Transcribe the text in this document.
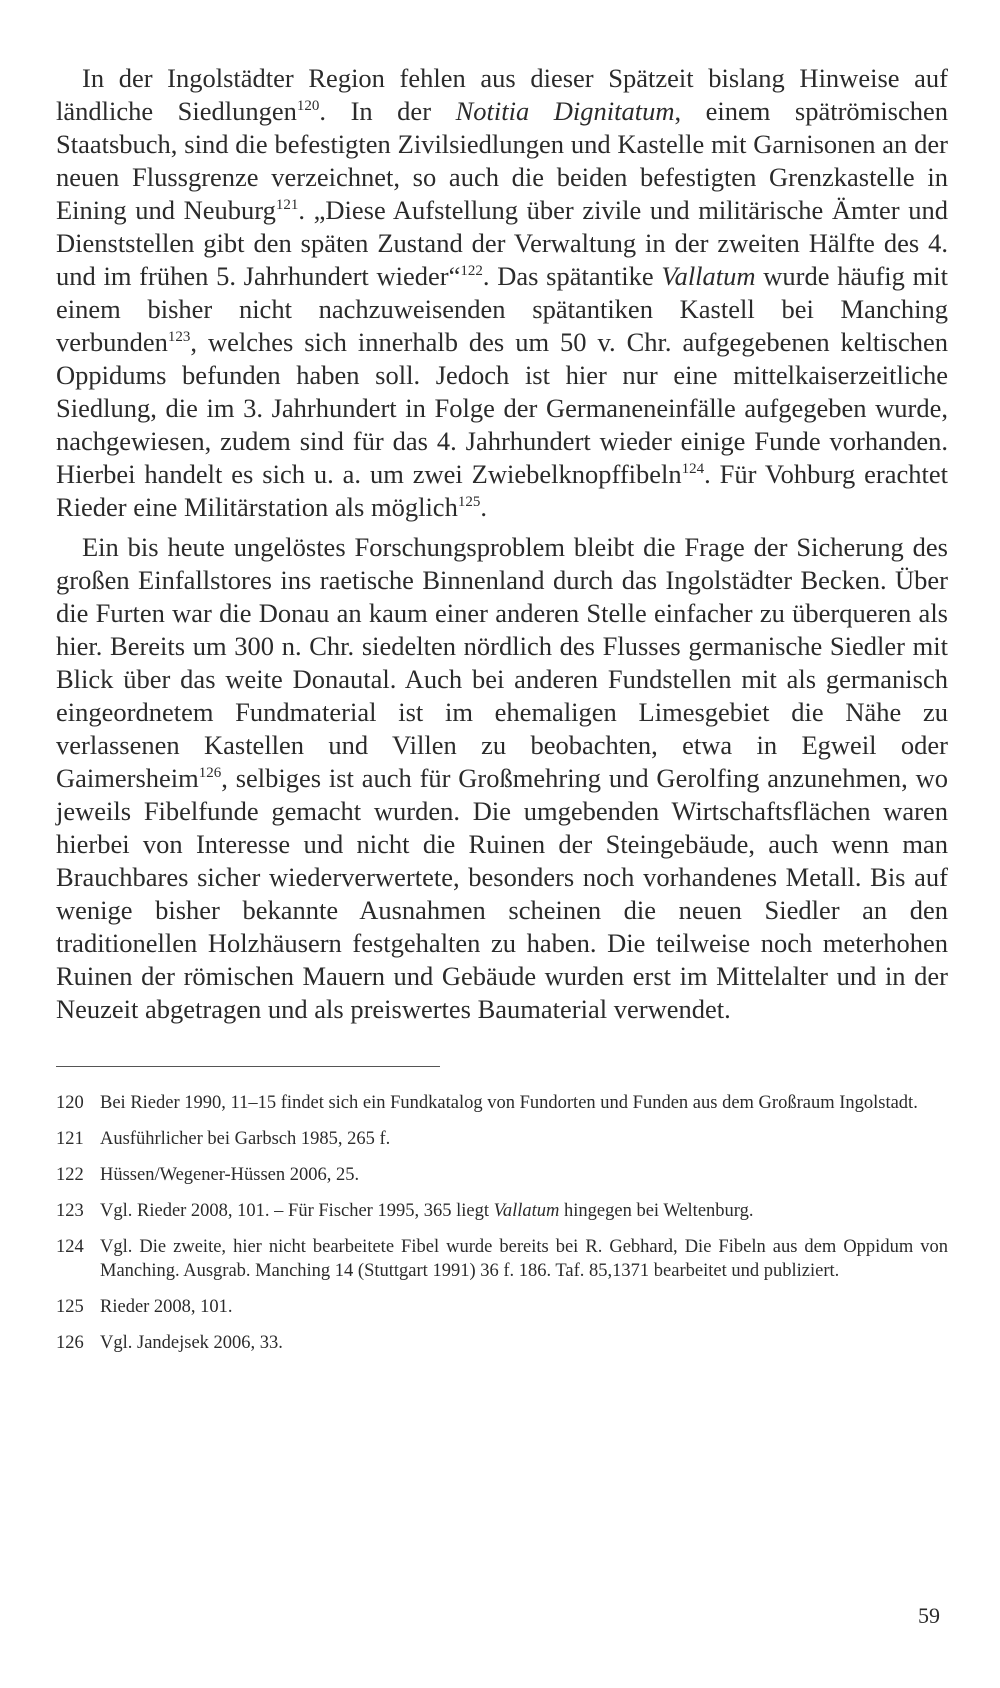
In der Ingolstädter Region fehlen aus dieser Spätzeit bislang Hinweise auf ländliche Siedlungen$^{120}$. In der Notitia Dignitatum, einem spätrömischen Staatsbuch, sind die befestigten Zivilsiedlungen und Kastelle mit Garnisonen an der neuen Flussgrenze verzeichnet, so auch die beiden befestigten Grenzkastelle in Eining und Neuburg$^{121}$. „Diese Aufstellung über zivile und militärische Ämter und Dienststellen gibt den späten Zustand der Verwaltung in der zweiten Hälfte des 4. und im frühen 5. Jahrhundert wieder“$^{122}$. Das spätantike Vallatum wurde häufig mit einem bisher nicht nachzuweisenden spätantiken Kastell bei Manching verbunden$^{123}$, welches sich innerhalb des um 50 v. Chr. aufgegebenen keltischen Oppidums befunden haben soll. Jedoch ist hier nur eine mittelkaiserzeitliche Siedlung, die im 3. Jahrhundert in Folge der Germaneneinfälle aufgegeben wurde, nachgewiesen, zudem sind für das 4. Jahrhundert wieder einige Funde vorhanden. Hierbei handelt es sich u. a. um zwei Zwiebelknopffibeln$^{124}$. Für Vohburg erachtet Rieder eine Militärstation als möglich$^{125}$.

Ein bis heute ungelöstes Forschungsproblem bleibt die Frage der Sicherung des großen Einfallstores ins raetische Binnenland durch das Ingolstädter Becken. Über die Furten war die Donau an kaum einer anderen Stelle einfacher zu überqueren als hier. Bereits um 300 n. Chr. siedelten nördlich des Flusses germanische Siedler mit Blick über das weite Donautal. Auch bei anderen Fundstellen mit als germanisch eingeordnetem Fundmaterial ist im ehemaligen Limesgebiet die Nähe zu verlassenen Kastellen und Villen zu beobachten, etwa in Egweil oder Gaimersheim$^{126}$, selbiges ist auch für Großmehring und Gerolfing anzunehmen, wo jeweils Fibelfunde gemacht wurden. Die umgebenden Wirtschaftsflächen waren hierbei von Interesse und nicht die Ruinen der Steingebäude, auch wenn man Brauchbares sicher wiederverwertete, besonders noch vorhandenes Metall. Bis auf wenige bisher bekannte Ausnahmen scheinen die neuen Siedler an den traditionellen Holzhäusern festgehalten zu haben. Die teilweise noch meterhohen Ruinen der römischen Mauern und Gebäude wurden erst im Mittelalter und in der Neuzeit abgetragen und als preiswertes Baumaterial verwendet.

120 Bei Rieder 1990, 11–15 findet sich ein Fundkatalog von Fundorten und Funden aus dem Großraum Ingolstadt.
121 Ausführlicher bei Garbsch 1985, 265 f.
122 Hüssen/Wegener-Hüssen 2006, 25.
123 Vgl. Rieder 2008, 101. – Für Fischer 1995, 365 liegt Vallatum hingegen bei Weltenburg.
124 Vgl. Die zweite, hier nicht bearbeitete Fibel wurde bereits bei R. Gebhard, Die Fibeln aus dem Oppidum von Manching. Ausgrab. Manching 14 (Stuttgart 1991) 36 f. 186. Taf. 85,1371 bearbeitet und publiziert.
125 Rieder 2008, 101.
126 Vgl. Jandejsek 2006, 33.
59
